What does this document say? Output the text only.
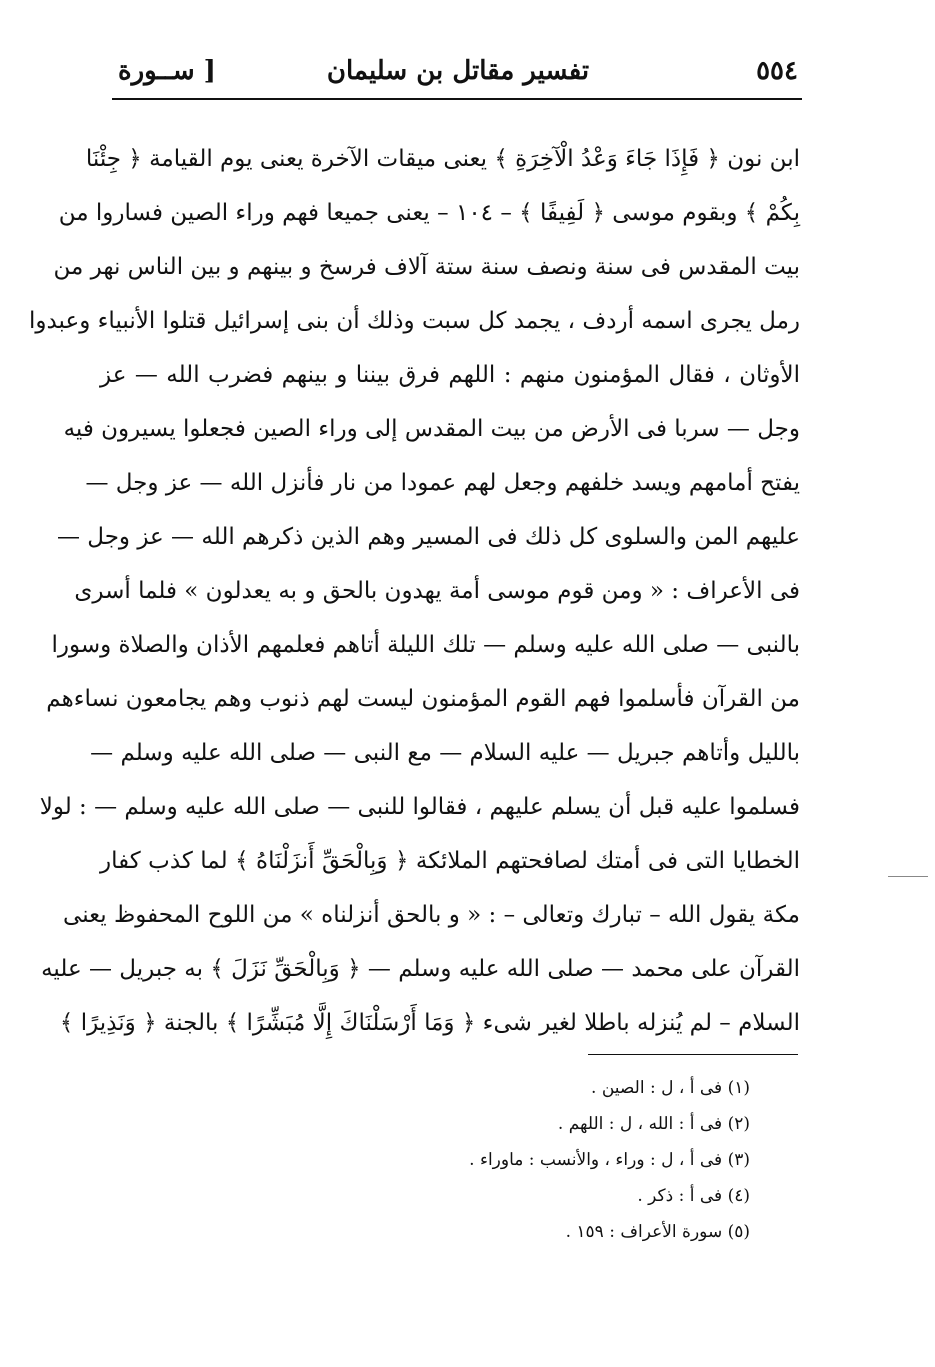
٥٥٤
تفسير مقاتل بن سليمان
[ ســورة
ابن نون ﴿ فَإِذَا جَاءَ وَعْدُ الْآخِرَةِ ﴾ يعنى ميقات الآخرة يعنى يوم القيامة ﴿ جِئْنَا
بِكُمْ ﴾ وبقوم موسى ﴿ لَفِيفًا ﴾ – ١٠٤ – يعنى جميعا فهم وراء الصين فساروا من
بيت المقدس فى سنة ونصف سنة ستة آلاف فرسخ و بينهم و بين الناس نهر من
رمل يجرى اسمه أردف ، يجمد كل سبت وذلك أن بنى إسرائيل قتلوا الأنبياء وعبدوا
الأوثان ، فقال المؤمنون منهم : اللهم فرق بيننا و بينهم فضرب الله — عز
وجل — سربا فى الأرض من بيت المقدس إلى وراء الصين فجعلوا يسيرون فيه
يفتح أمامهم ويسد خلفهم وجعل لهم عمودا من نار فأنزل الله — عز وجل —
عليهم المن والسلوى كل ذلك فى المسير وهم الذين ذكرهم الله — عز وجل —
فى الأعراف : « ومن قوم موسى أمة يهدون بالحق و به يعدلون » فلما أسرى
بالنبى — صلى الله عليه وسلم — تلك الليلة أتاهم فعلمهم الأذان والصلاة وسورا
من القرآن فأسلموا فهم القوم المؤمنون ليست لهم ذنوب وهم يجامعون نساءهم
بالليل وأتاهم جبريل — عليه السلام — مع النبى — صلى الله عليه وسلم —
فسلموا عليه قبل أن يسلم عليهم ، فقالوا للنبى — صلى الله عليه وسلم — : لولا
الخطايا التى فى أمتك لصافحتهم الملائكة ﴿ وَبِالْحَقِّ أَنزَلْنَاهُ ﴾ لما كذب كفار
مكة يقول الله – تبارك وتعالى – : « و بالحق أنزلناه » من اللوح المحفوظ يعنى
القرآن على محمد — صلى الله عليه وسلم — ﴿ وَبِالْحَقِّ نَزَلَ ﴾ به جبريل — عليه
السلام – لم يُنزله باطلا لغير شىء ﴿ وَمَا أَرْسَلْنَاكَ إِلَّا مُبَشِّرًا ﴾ بالجنة ﴿ وَنَذِيرًا ﴾
(١) فى أ ، ل : الصين .
(٢) فى أ : الله ، ل : اللهم .
(٣) فى أ ، ل : وراء ، والأنسب : ماوراء .
(٤) فى أ : ذكر .
(٥) سورة الأعراف : ١٥٩ .
